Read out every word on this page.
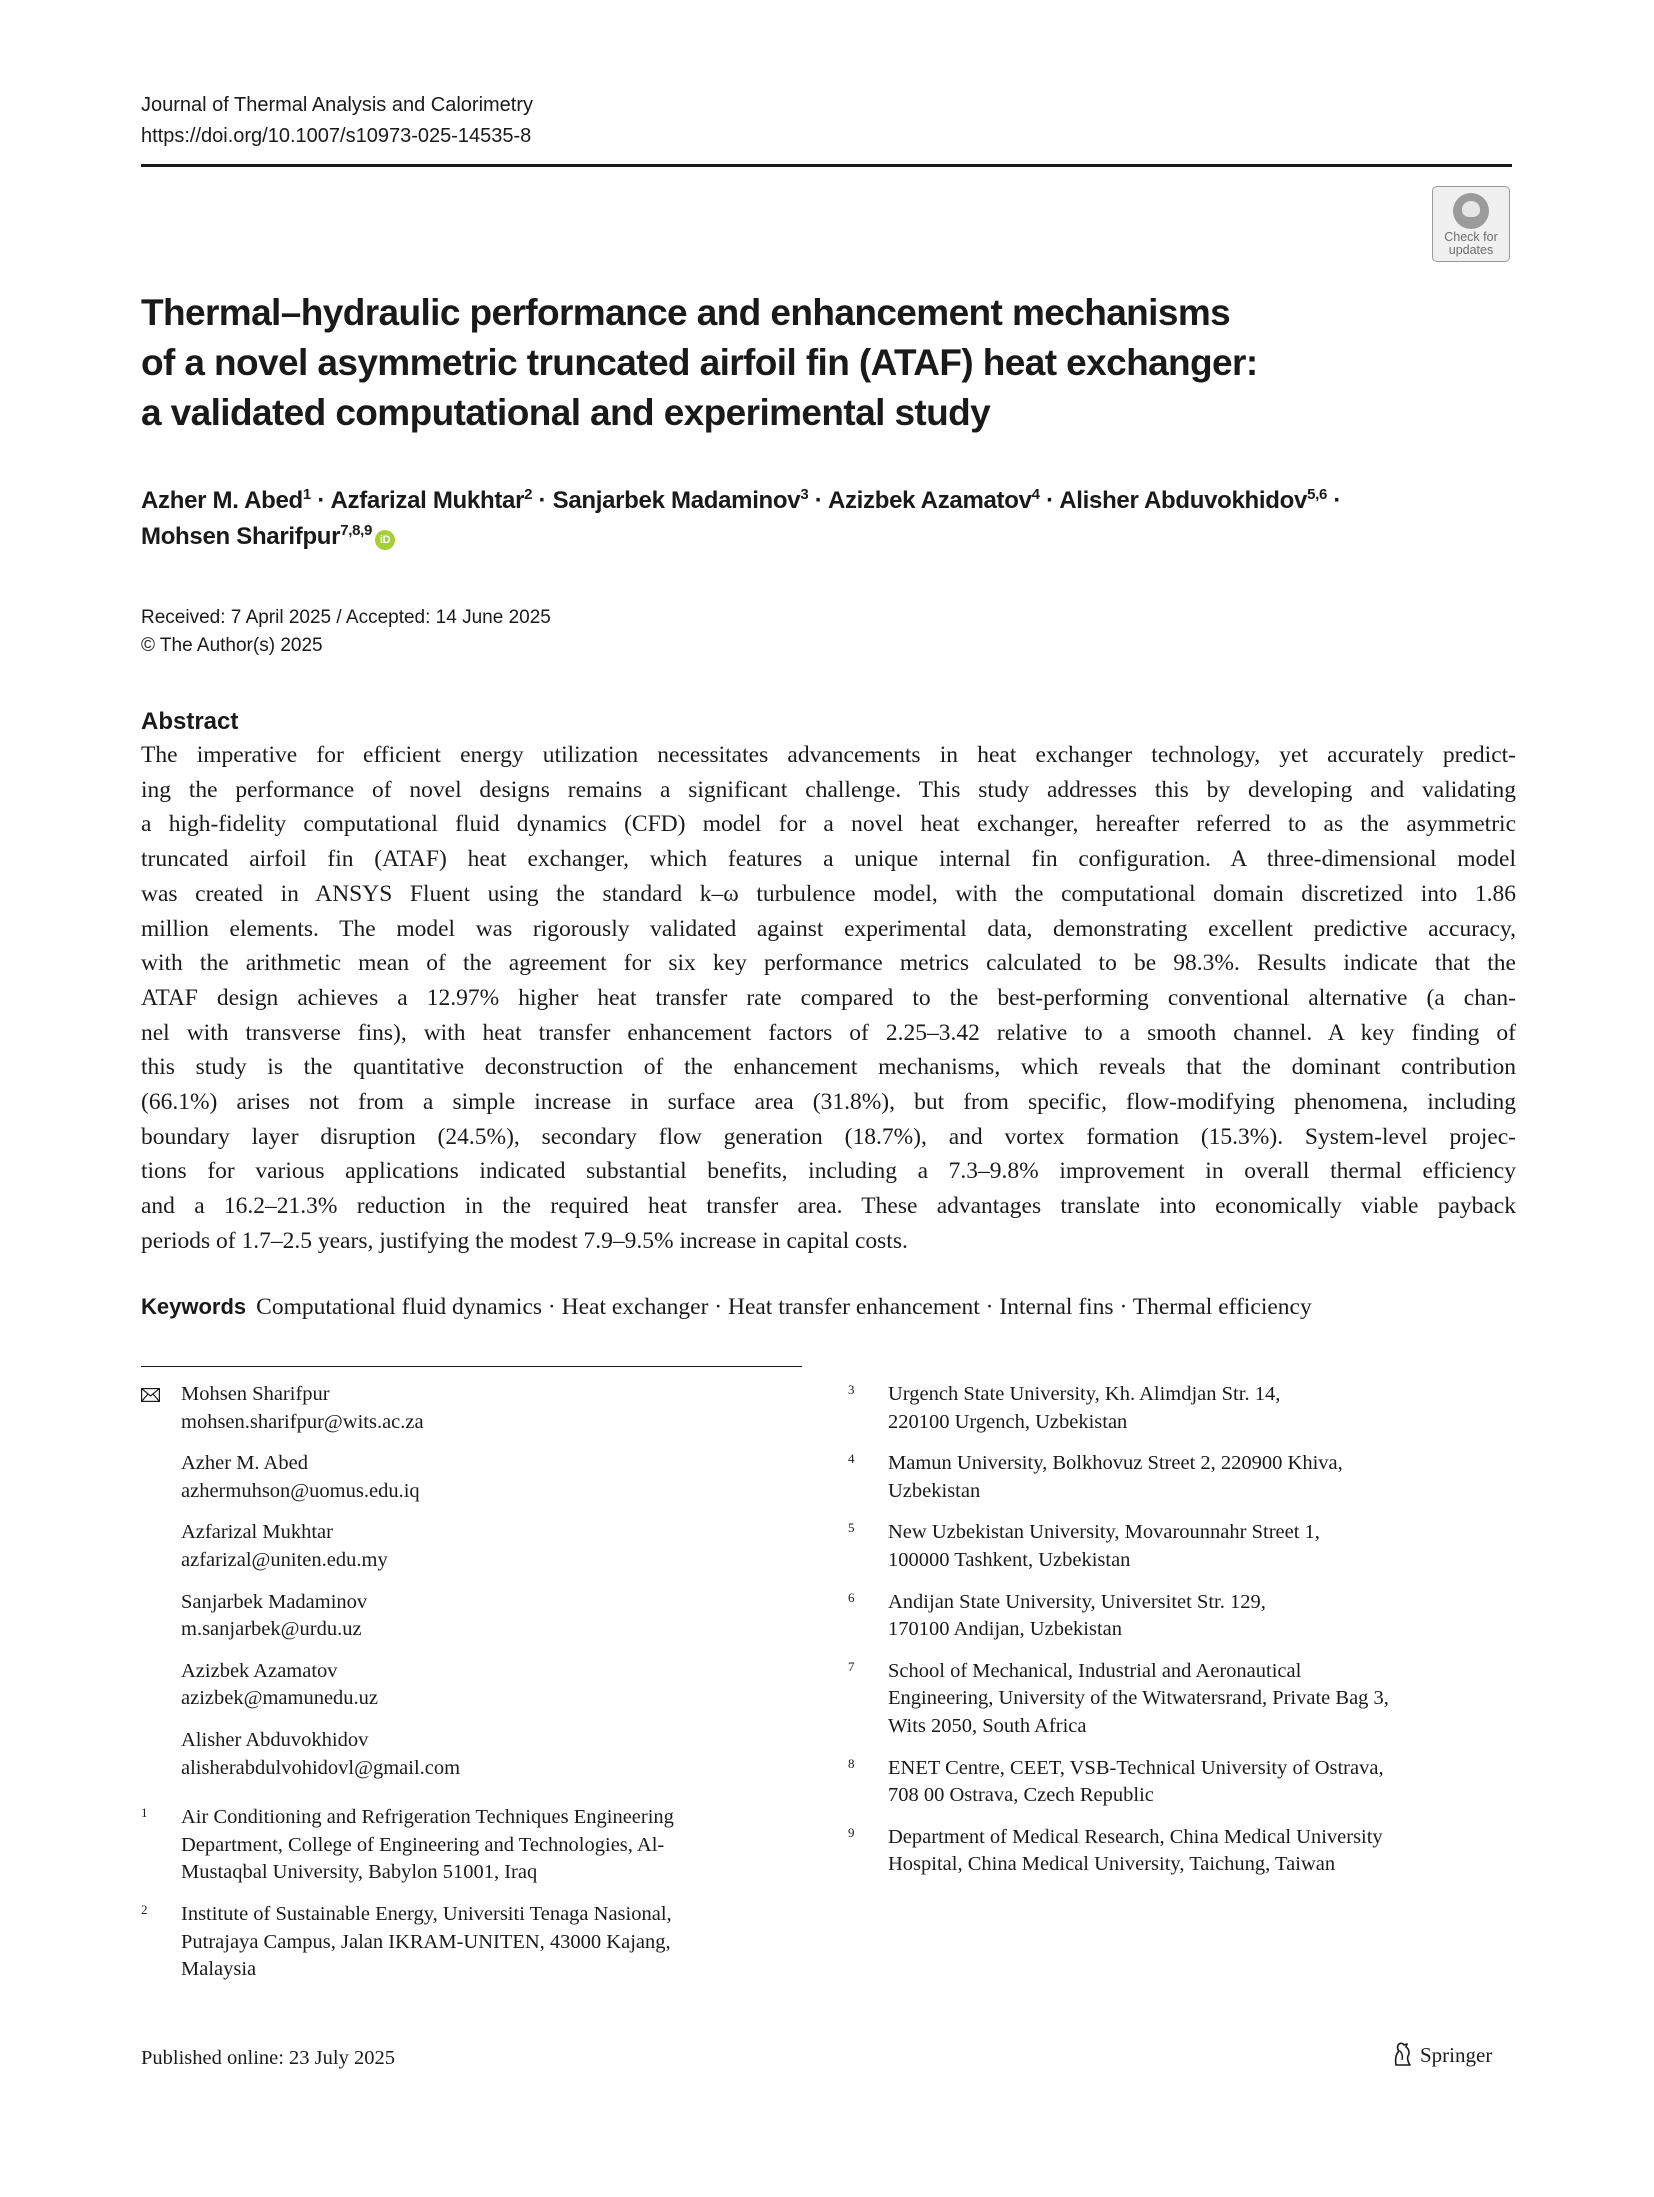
Journal of Thermal Analysis and Calorimetry
https://doi.org/10.1007/s10973-025-14535-8
Check for
updates
Thermal–hydraulic performance and enhancement mechanisms
of a novel asymmetric truncated airfoil fin (ATAF) heat exchanger:
a validated computational and experimental study
Azher M. Abed$^1$ · Azfarizal Mukhtar$^2$ · Sanjarbek Madaminov$^3$ · Azizbek Azamatov$^4$ · Alisher Abduvokhidov$^{5,6}$ ·
Mohsen Sharifpur$^{7,8,9}$iD
Received: 7 April 2025 / Accepted: 14 June 2025
© The Author(s) 2025
Abstract
The imperative for efficient energy utilization necessitates advancements in heat exchanger technology, yet accurately predict-
ing the performance of novel designs remains a significant challenge. This study addresses this by developing and validating
a high-fidelity computational fluid dynamics (CFD) model for a novel heat exchanger, hereafter referred to as the asymmetric
truncated airfoil fin (ATAF) heat exchanger, which features a unique internal fin configuration. A three-dimensional model
was created in ANSYS Fluent using the standard k–ω turbulence model, with the computational domain discretized into 1.86
million elements. The model was rigorously validated against experimental data, demonstrating excellent predictive accuracy,
with the arithmetic mean of the agreement for six key performance metrics calculated to be 98.3%. Results indicate that the
ATAF design achieves a 12.97% higher heat transfer rate compared to the best-performing conventional alternative (a chan-
nel with transverse fins), with heat transfer enhancement factors of 2.25–3.42 relative to a smooth channel. A key finding of
this study is the quantitative deconstruction of the enhancement mechanisms, which reveals that the dominant contribution
(66.1%) arises not from a simple increase in surface area (31.8%), but from specific, flow-modifying phenomena, including
boundary layer disruption (24.5%), secondary flow generation (18.7%), and vortex formation (15.3%). System-level projec-
tions for various applications indicated substantial benefits, including a 7.3–9.8% improvement in overall thermal efficiency
and a 16.2–21.3% reduction in the required heat transfer area. These advantages translate into economically viable payback
periods of 1.7–2.5 years, justifying the modest 7.9–9.5% increase in capital costs.
Keywords Computational fluid dynamics · Heat exchanger · Heat transfer enhancement · Internal fins · Thermal efficiency
Mohsen Sharifpur
mohsen.sharifpur@wits.ac.za
Azher M. Abed
azhermuhson@uomus.edu.iq
Azfarizal Mukhtar
azfarizal@uniten.edu.my
Sanjarbek Madaminov
m.sanjarbek@urdu.uz
Azizbek Azamatov
azizbek@mamunedu.uz
Alisher Abduvokhidov
alisherabdulvohidovl@gmail.com
1 Air Conditioning and Refrigeration Techniques Engineering
Department, College of Engineering and Technologies, Al-
Mustaqbal University, Babylon 51001, Iraq
2 Institute of Sustainable Energy, Universiti Tenaga Nasional,
Putrajaya Campus, Jalan IKRAM-UNITEN, 43000 Kajang,
Malaysia
3 Urgench State University, Kh. Alimdjan Str. 14,
220100 Urgench, Uzbekistan
4 Mamun University, Bolkhovuz Street 2, 220900 Khiva,
Uzbekistan
5 New Uzbekistan University, Movarounnahr Street 1,
100000 Tashkent, Uzbekistan
6 Andijan State University, Universitet Str. 129,
170100 Andijan, Uzbekistan
7 School of Mechanical, Industrial and Aeronautical
Engineering, University of the Witwatersrand, Private Bag 3,
Wits 2050, South Africa
8 ENET Centre, CEET, VSB-Technical University of Ostrava,
708 00 Ostrava, Czech Republic
9 Department of Medical Research, China Medical University
Hospital, China Medical University, Taichung, Taiwan
Published online: 23 July 2025	Springer
